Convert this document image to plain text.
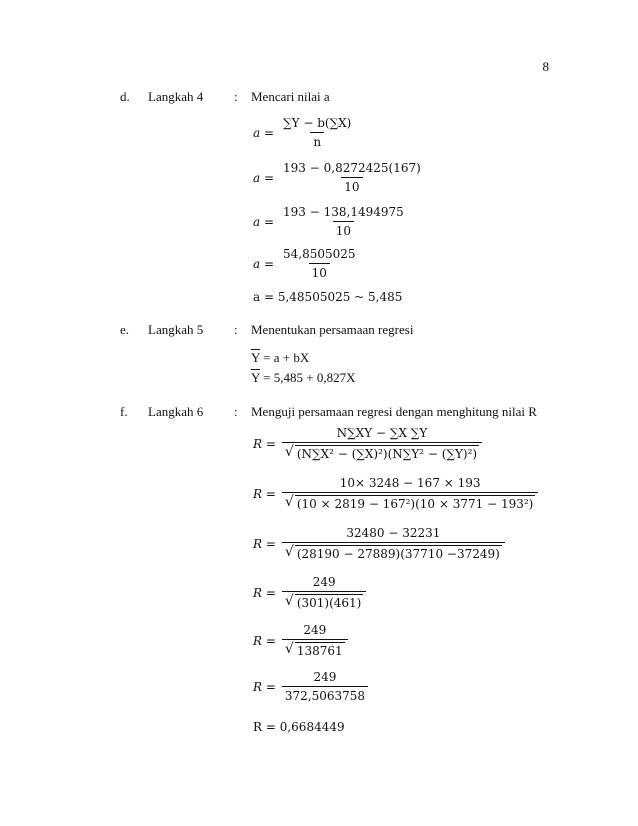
8
d. Langkah 4 : Mencari nilai a
$a = \frac{\sum Y - b(\sum X)}{n}$
$a = \frac{193 - 0,8272425(167)}{10}$
$a = \frac{193 - 138,1494975}{10}$
$a = \frac{54,8505025}{10}$
a = 5,48505025 ~ 5,485
e. Langkah 5 : Menentukan persamaan regresi
$\overline{Y} = a$ + bX
$\overline{Y} = 5,485 + 0,827X$
f. Langkah 6 : Menguji persamaan regresi dengan menghitung nilai R
$R = \frac{N\sum XY - \sum X \sum Y}{\text{√ (N∑X² − (∑X)²)(N∑Y² − (∑Y)²)}}$
$R = \frac{10\times 3248 - 167 \times 193}{\text{√ (10 × 2819 − 167²)(10 × 3771 − 193²)}}$
$R = \frac{32480 - 32231}{√ (28190 - 27889)(37710 -37249)}$
$R = \frac{249}{√ (301)(461)}$
$R = \frac{249}{√ 138761}$
$R = \frac{249}{372,5063758}$
R = 0,6684449
